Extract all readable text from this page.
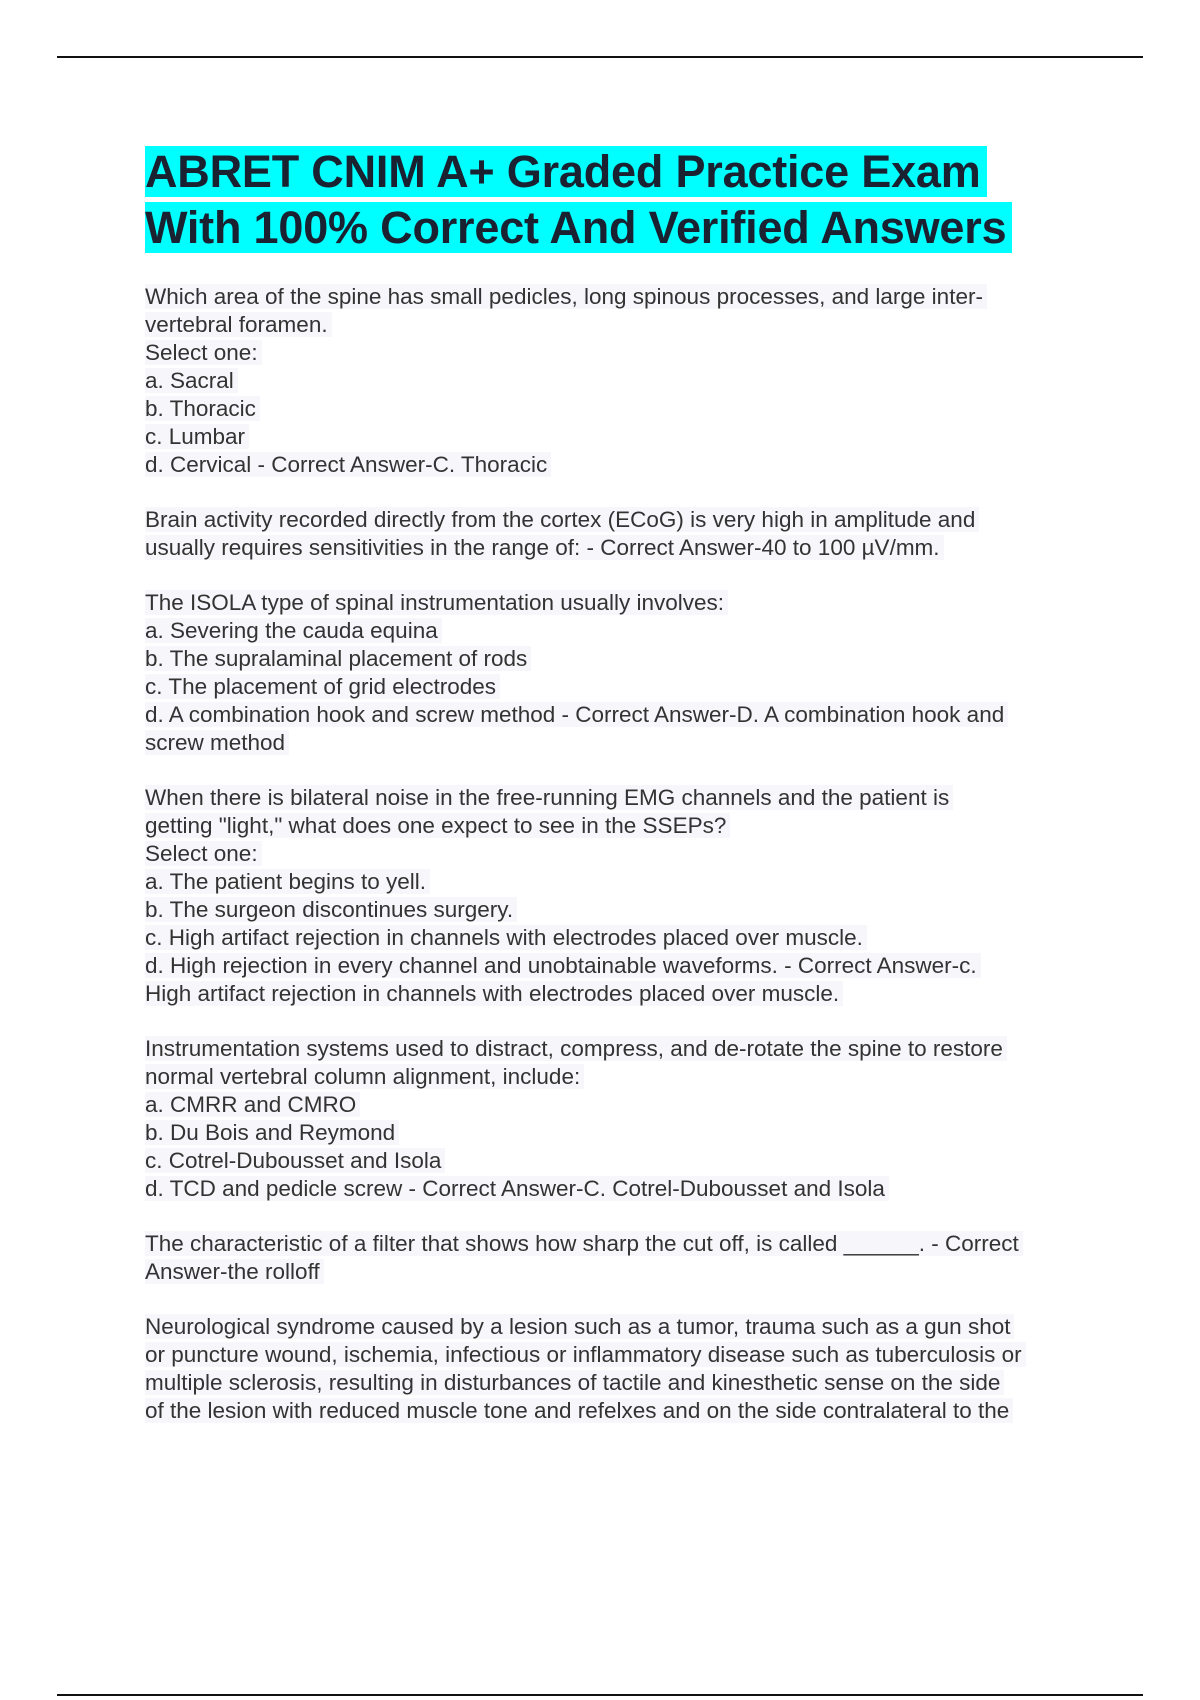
ABRET CNIM A+ Graded Practice Exam
With 100% Correct And Verified Answers
Which area of the spine has small pedicles, long spinous processes, and large inter-
vertebral foramen.
Select one:
a. Sacral
b. Thoracic
c. Lumbar
d. Cervical - Correct Answer-C. Thoracic
Brain activity recorded directly from the cortex (ECoG) is very high in amplitude and
usually requires sensitivities in the range of: - Correct Answer-40 to 100 µV/mm.
The ISOLA type of spinal instrumentation usually involves:
a. Severing the cauda equina
b. The supralaminal placement of rods
c. The placement of grid electrodes
d. A combination hook and screw method - Correct Answer-D. A combination hook and
screw method
When there is bilateral noise in the free-running EMG channels and the patient is
getting "light," what does one expect to see in the SSEPs?
Select one:
a. The patient begins to yell.
b. The surgeon discontinues surgery.
c. High artifact rejection in channels with electrodes placed over muscle.
d. High rejection in every channel and unobtainable waveforms. - Correct Answer-c.
High artifact rejection in channels with electrodes placed over muscle.
Instrumentation systems used to distract, compress, and de-rotate the spine to restore
normal vertebral column alignment, include:
a. CMRR and CMRO
b. Du Bois and Reymond
c. Cotrel-Dubousset and Isola
d. TCD and pedicle screw - Correct Answer-C. Cotrel-Dubousset and Isola
The characteristic of a filter that shows how sharp the cut off, is called ______. - Correct
Answer-the rolloff
Neurological syndrome caused by a lesion such as a tumor, trauma such as a gun shot
or puncture wound, ischemia, infectious or inflammatory disease such as tuberculosis or
multiple sclerosis, resulting in disturbances of tactile and kinesthetic sense on the side
of the lesion with reduced muscle tone and refelxes and on the side contralateral to the
